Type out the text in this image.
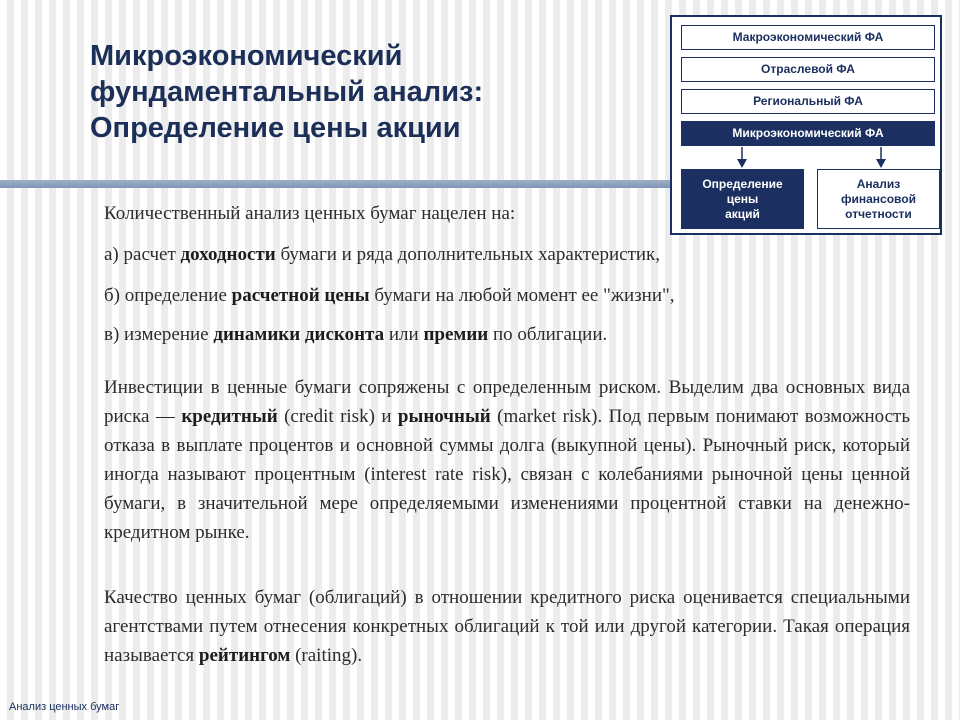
Микроэкономический
фундаментальный анализ:
Определение цены акции
Макроэкономический ФА
Отраслевой ФА
Региональный ФА
Микроэкономический ФА
Определение
цены
акций
Анализ
финансовой
отчетности
Количественный анализ ценных бумаг нацелен на:
а) расчет доходности бумаги и ряда дополнительных характеристик,
б) определение расчетной цены бумаги на любой момент ее "жизни",
в) измерение динамики дисконта или премии по облигации.
Инвестиции в ценные бумаги сопряжены с определенным риском. Выделим два основных вида риска — кредитный (credit risk) и рыночный (market risk). Под первым понимают возможность отказа в выплате процентов и основной суммы долга (выкупной цены). Рыночный риск, который иногда называют процентным (interest rate risk), связан с колебаниями рыночной цены ценной бумаги, в значительной мере определяемыми изменениями процентной ставки на денежно-кредитном рынке.
Качество ценных бумаг (облигаций) в отношении кредитного риска оценивается специальными агентствами путем отнесения конкретных облигаций к той или другой категории. Такая операция называется рейтингом (raiting).
Анализ ценных бумаг
